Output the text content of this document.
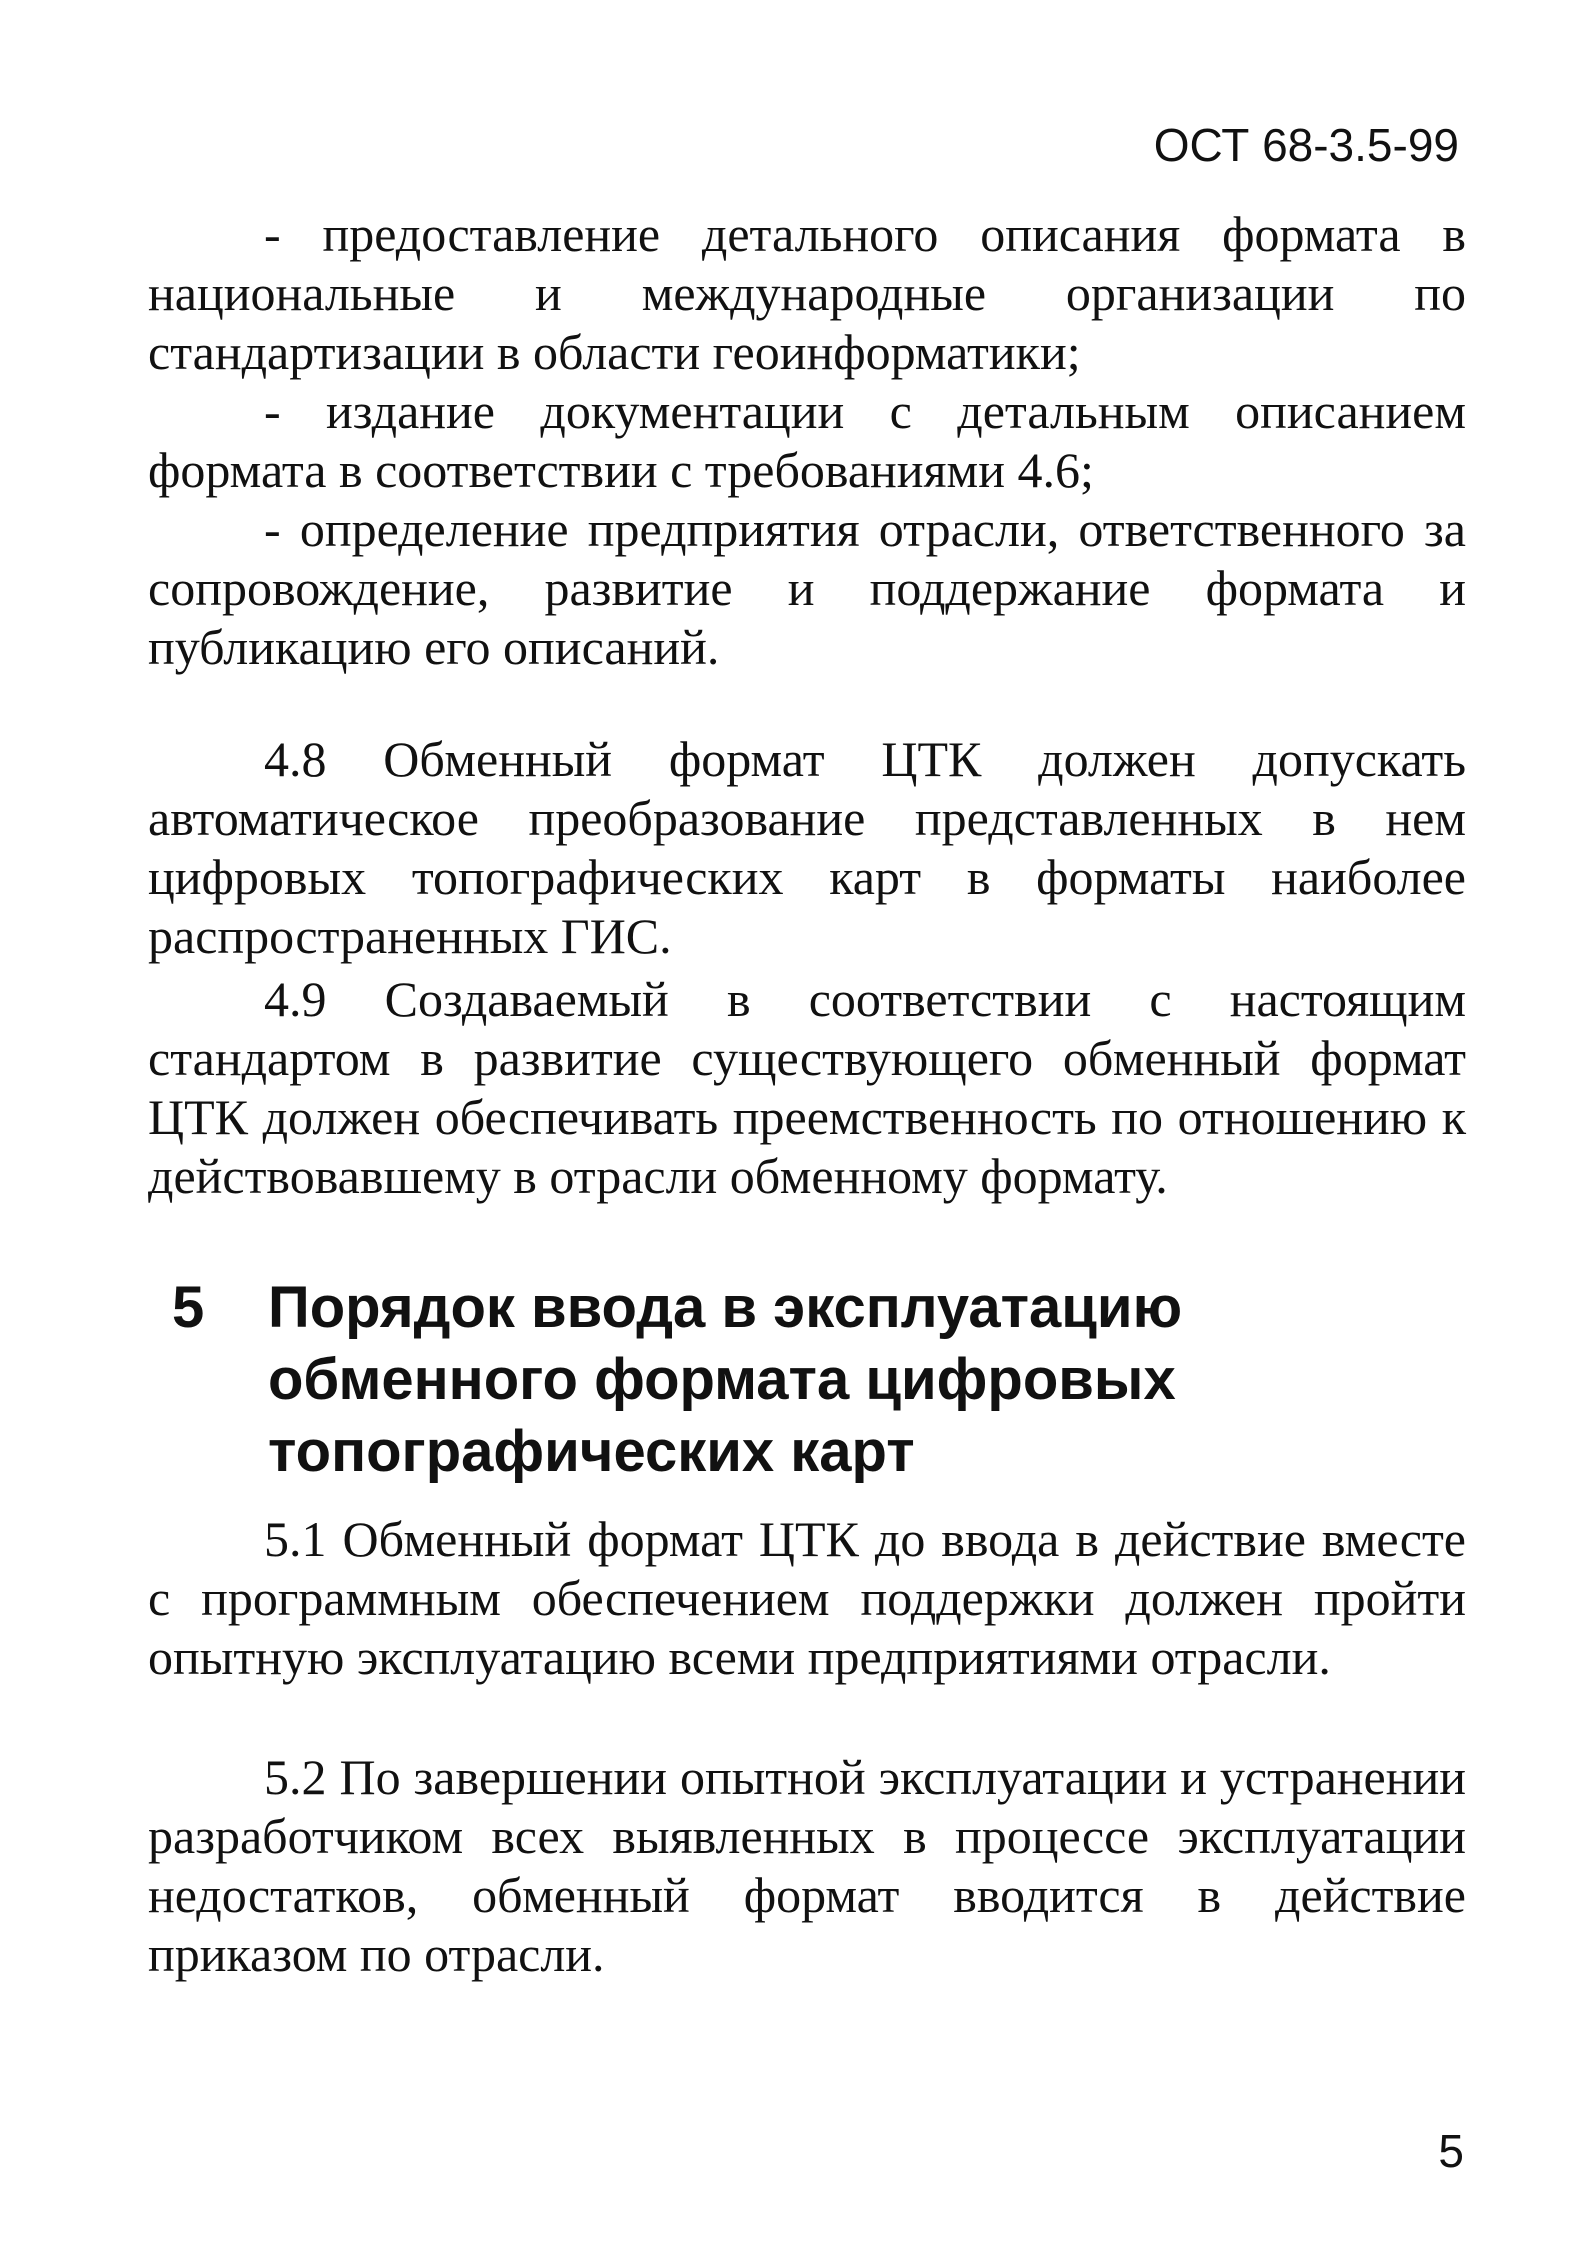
ОСТ 68-3.5-99

- предоставление детального описания формата в национальные и международные организации по стандартизации в области геоинформатики;

- издание документации с детальным описанием формата в соответствии с требованиями 4.6;

- определение предприятия отрасли, ответственного за сопровождение, развитие и поддержание формата и публикацию его описаний.

4.8 Обменный формат ЦТК должен допускать автоматическое преобразование представленных в нем цифровых топографических карт в форматы наиболее распространенных ГИС.

4.9 Создаваемый в соответствии с настоящим стандартом в развитие существующего обменный формат ЦТК должен обеспечивать преемственность по отношению к действовавшему в отрасли обменному формату.

5 Порядок ввода в эксплуатацию
обменного формата цифровых
топографических карт

5.1 Обменный формат ЦТК до ввода в действие вместе с программным обеспечением поддержки должен пройти опытную эксплуатацию всеми предприятиями отрасли.

5.2 По завершении опытной эксплуатации и устранении разработчиком всех выявленных в процессе эксплуатации недостатков, обменный формат вводится в действие приказом по отрасли.

5
